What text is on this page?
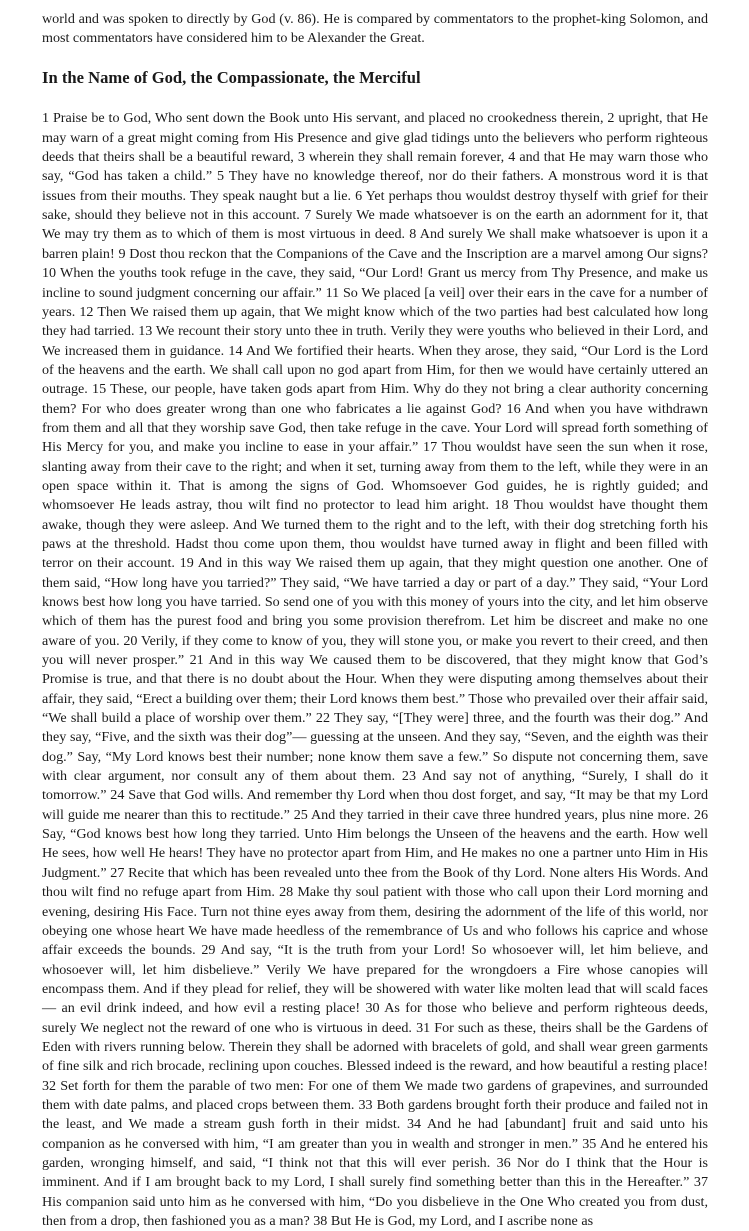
world and was spoken to directly by God (v. 86). He is compared by commentators to the prophet-king Solomon, and most commentators have considered him to be Alexander the Great.

In the Name of God, the Compassionate, the Merciful

1 Praise be to God, Who sent down the Book unto His servant, and placed no crookedness therein, 2 upright, that He may warn of a great might coming from His Presence and give glad tidings unto the believers who perform righteous deeds that theirs shall be a beautiful reward, 3 wherein they shall remain forever, 4 and that He may warn those who say, “God has taken a child.” 5 They have no knowledge thereof, nor do their fathers. A monstrous word it is that issues from their mouths. They speak naught but a lie. 6 Yet perhaps thou wouldst destroy thyself with grief for their sake, should they believe not in this account. 7 Surely We made whatsoever is on the earth an adornment for it, that We may try them as to which of them is most virtuous in deed. 8 And surely We shall make whatsoever is upon it a barren plain! 9 Dost thou reckon that the Companions of the Cave and the Inscription are a marvel among Our signs? 10 When the youths took refuge in the cave, they said, “Our Lord! Grant us mercy from Thy Presence, and make us incline to sound judgment concerning our affair.” 11 So We placed [a veil] over their ears in the cave for a number of years. 12 Then We raised them up again, that We might know which of the two parties had best calculated how long they had tarried. 13 We recount their story unto thee in truth. Verily they were youths who believed in their Lord, and We increased them in guidance. 14 And We fortified their hearts. When they arose, they said, “Our Lord is the Lord of the heavens and the earth. We shall call upon no god apart from Him, for then we would have certainly uttered an outrage. 15 These, our people, have taken gods apart from Him. Why do they not bring a clear authority concerning them? For who does greater wrong than one who fabricates a lie against God? 16 And when you have withdrawn from them and all that they worship save God, then take refuge in the cave. Your Lord will spread forth something of His Mercy for you, and make you incline to ease in your affair.” 17 Thou wouldst have seen the sun when it rose, slanting away from their cave to the right; and when it set, turning away from them to the left, while they were in an open space within it. That is among the signs of God. Whomsoever God guides, he is rightly guided; and whomsoever He leads astray, thou wilt find no protector to lead him aright. 18 Thou wouldst have thought them awake, though they were asleep. And We turned them to the right and to the left, with their dog stretching forth his paws at the threshold. Hadst thou come upon them, thou wouldst have turned away in flight and been filled with terror on their account. 19 And in this way We raised them up again, that they might question one another. One of them said, “How long have you tarried?” They said, “We have tarried a day or part of a day.” They said, “Your Lord knows best how long you have tarried. So send one of you with this money of yours into the city, and let him observe which of them has the purest food and bring you some provision therefrom. Let him be discreet and make no one aware of you. 20 Verily, if they come to know of you, they will stone you, or make you revert to their creed, and then you will never prosper.” 21 And in this way We caused them to be discovered, that they might know that God’s Promise is true, and that there is no doubt about the Hour. When they were disputing among themselves about their affair, they said, “Erect a building over them; their Lord knows them best.” Those who prevailed over their affair said, “We shall build a place of worship over them.” 22 They say, “[They were] three, and the fourth was their dog.” And they say, “Five, and the sixth was their dog”— guessing at the unseen. And they say, “Seven, and the eighth was their dog.” Say, “My Lord knows best their number; none know them save a few.” So dispute not concerning them, save with clear argument, nor consult any of them about them. 23 And say not of anything, “Surely, I shall do it tomorrow.” 24 Save that God wills. And remember thy Lord when thou dost forget, and say, “It may be that my Lord will guide me nearer than this to rectitude.” 25 And they tarried in their cave three hundred years, plus nine more. 26 Say, “God knows best how long they tarried. Unto Him belongs the Unseen of the heavens and the earth. How well He sees, how well He hears! They have no protector apart from Him, and He makes no one a partner unto Him in His Judgment.” 27 Recite that which has been revealed unto thee from the Book of thy Lord. None alters His Words. And thou wilt find no refuge apart from Him. 28 Make thy soul patient with those who call upon their Lord morning and evening, desiring His Face. Turn not thine eyes away from them, desiring the adornment of the life of this world, nor obeying one whose heart We have made heedless of the remembrance of Us and who follows his caprice and whose affair exceeds the bounds. 29 And say, “It is the truth from your Lord! So whosoever will, let him believe, and whosoever will, let him disbelieve.” Verily We have prepared for the wrongdoers a Fire whose canopies will encompass them. And if they plead for relief, they will be showered with water like molten lead that will scald faces— an evil drink indeed, and how evil a resting place! 30 As for those who believe and perform righteous deeds, surely We neglect not the reward of one who is virtuous in deed. 31 For such as these, theirs shall be the Gardens of Eden with rivers running below. Therein they shall be adorned with bracelets of gold, and shall wear green garments of fine silk and rich brocade, reclining upon couches. Blessed indeed is the reward, and how beautiful a resting place! 32 Set forth for them the parable of two men: For one of them We made two gardens of grapevines, and surrounded them with date palms, and placed crops between them. 33 Both gardens brought forth their produce and failed not in the least, and We made a stream gush forth in their midst. 34 And he had [abundant] fruit and said unto his companion as he conversed with him, “I am greater than you in wealth and stronger in men.” 35 And he entered his garden, wronging himself, and said, “I think not that this will ever perish. 36 Nor do I think that the Hour is imminent. And if I am brought back to my Lord, I shall surely find something better than this in the Hereafter.” 37 His companion said unto him as he conversed with him, “Do you disbelieve in the One Who created you from dust, then from a drop, then fashioned you as a man? 38 But He is God, my Lord, and I ascribe none as
